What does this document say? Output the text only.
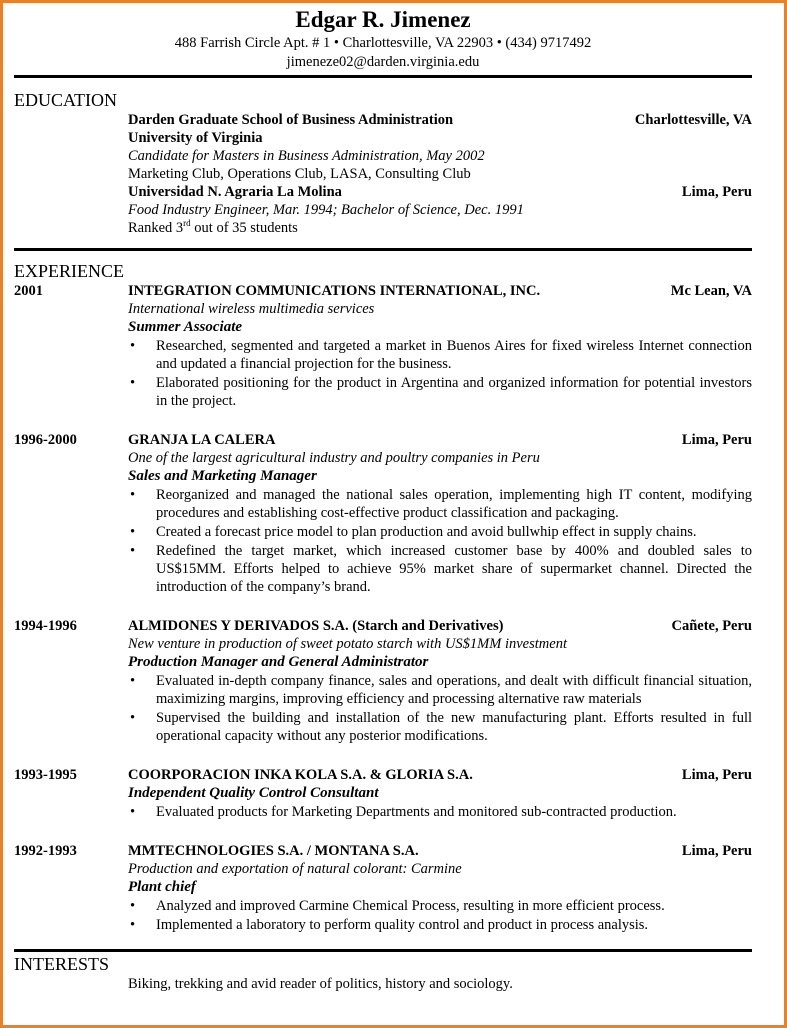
Edgar R. Jimenez
488 Farrish Circle Apt. # 1 • Charlottesville, VA 22903 • (434) 9717492
jimeneze02@darden.virginia.edu
EDUCATION
Darden Graduate School of Business Administration	Charlottesville, VA
University of Virginia
Candidate for Masters in Business Administration, May 2002
Marketing Club, Operations Club, LASA, Consulting Club
Universidad N. Agraria La Molina	Lima, Peru
Food Industry Engineer, Mar. 1994; Bachelor of Science, Dec. 1991
Ranked 3rd out of 35 students
EXPERIENCE
2001	INTEGRATION COMMUNICATIONS INTERNATIONAL, INC.	Mc Lean, VA
International wireless multimedia services
Summer Associate
• Researched, segmented and targeted a market in Buenos Aires for fixed wireless Internet connection and updated a financial projection for the business.
• Elaborated positioning for the product in Argentina and organized information for potential investors in the project.
1996-2000	GRANJA LA CALERA	Lima, Peru
One of the largest agricultural industry and poultry companies in Peru
Sales and Marketing Manager
• Reorganized and managed the national sales operation, implementing high IT content, modifying procedures and establishing cost-effective product classification and packaging.
• Created a forecast price model to plan production and avoid bullwhip effect in supply chains.
• Redefined the target market, which increased customer base by 400% and doubled sales to US$15MM. Efforts helped to achieve 95% market share of supermarket channel. Directed the introduction of the company’s brand.
1994-1996	ALMIDONES Y DERIVADOS S.A. (Starch and Derivatives)	Cañete, Peru
New venture in production of sweet potato starch with US$1MM investment
Production Manager and General Administrator
• Evaluated in-depth company finance, sales and operations, and dealt with difficult financial situation, maximizing margins, improving efficiency and processing alternative raw materials
• Supervised the building and installation of the new manufacturing plant. Efforts resulted in full operational capacity without any posterior modifications.
1993-1995	COORPORACION INKA KOLA S.A. & GLORIA S.A.	Lima, Peru
Independent Quality Control Consultant
• Evaluated products for Marketing Departments and monitored sub-contracted production.
1992-1993	MMTECHNOLOGIES S.A. / MONTANA S.A.	Lima, Peru
Production and exportation of natural colorant: Carmine
Plant chief
• Analyzed and improved Carmine Chemical Process, resulting in more efficient process.
• Implemented a laboratory to perform quality control and product in process analysis.
INTERESTS
Biking, trekking and avid reader of politics, history and sociology.
